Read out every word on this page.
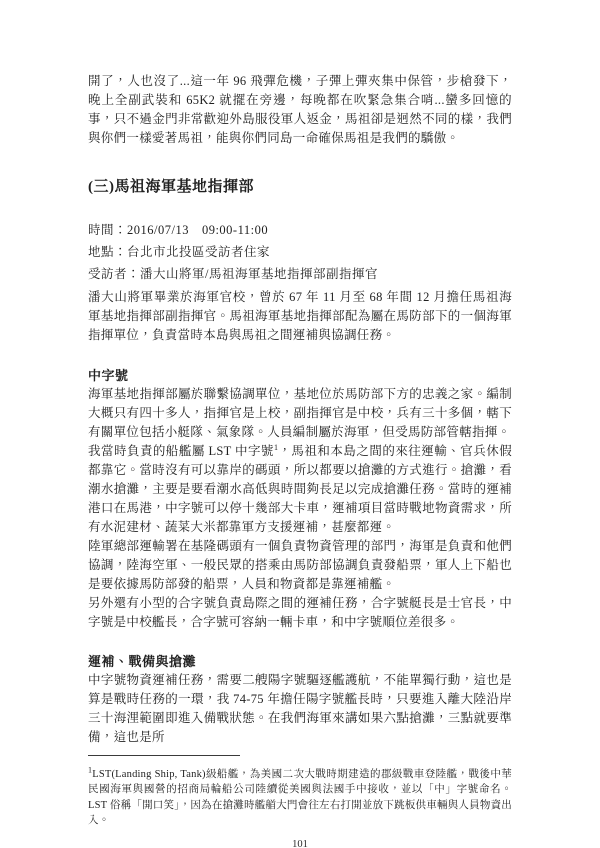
開了，人也沒了...這一年 96 飛彈危機，子彈上彈夾集中保管，步槍發下，晚上全副武裝和 65K2 就擺在旁邊，每晚都在吹緊急集合哨...蠻多回憶的事，只不過金門非常歡迎外島服役軍人返金，馬祖卻是迥然不同的樣，我們與你們一樣愛著馬祖，能與你們同島一命確保馬祖是我們的驕傲。

(三)馬祖海軍基地指揮部
時間：2016/07/13　09:00-11:00
地點：台北市北投區受訪者住家
受訪者：潘大山將軍/馬祖海軍基地指揮部副指揮官

潘大山將軍畢業於海軍官校，曾於 67 年 11 月至 68 年間 12 月擔任馬祖海軍基地指揮部副指揮官。馬祖海軍基地指揮部配為屬在馬防部下的一個海軍指揮單位，負責當時本島與馬祖之間運補與協調任務。

中字號

海軍基地指揮部屬於聯繫協調單位，基地位於馬防部下方的忠義之家。編制大概只有四十多人，指揮官是上校，副指揮官是中校，兵有三十多個，轄下有關單位包括小艇隊、氣象隊。人員編制屬於海軍，但受馬防部管轄指揮。

我當時負責的船艦屬 LST 中字號$^1$，馬祖和本島之間的來往運輸、官兵休假都靠它。當時沒有可以靠岸的碼頭，所以都要以搶灘的方式進行。搶灘，看潮水搶灘，主要是要看潮水高低與時間夠長足以完成搶灘任務。當時的運補港口在馬港，中字號可以停十幾部大卡車，運補項目當時戰地物資需求，所有水泥建材、蔬菜大米都靠軍方支援運補，甚麼都運。

陸軍總部運輸署在基隆碼頭有一個負責物資管理的部門，海軍是負責和他們協調，陸海空軍、一般民眾的搭乘由馬防部協調負責發船票，軍人上下船也是要依據馬防部發的船票，人員和物資都是靠運補艦。

另外還有小型的合字號負責島際之間的運補任務，合字號艇長是士官長，中字號是中校艦長，合字號可容納一輛卡車，和中字號順位差很多。

運補、戰備與搶灘

中字號物資運補任務，需要二艘陽字號驅逐艦護航，不能單獨行動，這也是算是戰時任務的一環，我 74-75 年擔任陽字號艦長時，只要進入離大陸沿岸三十海浬範圍即進入備戰狀態。在我們海軍來講如果六點搶灘，三點就要準備，這也是所

$^1$LST(Landing Ship, Tank)級船艦，為美國二次大戰時期建造的郡級戰車登陸艦，戰後中華民國海軍與國營的招商局輪船公司陸續從美國與法國手中接收，並以「中」字號命名。LST 俗稱「開口笑」，因為在搶灘時艦艏大門會往左右打開並放下跳板供車輛與人員物資出入。

101
